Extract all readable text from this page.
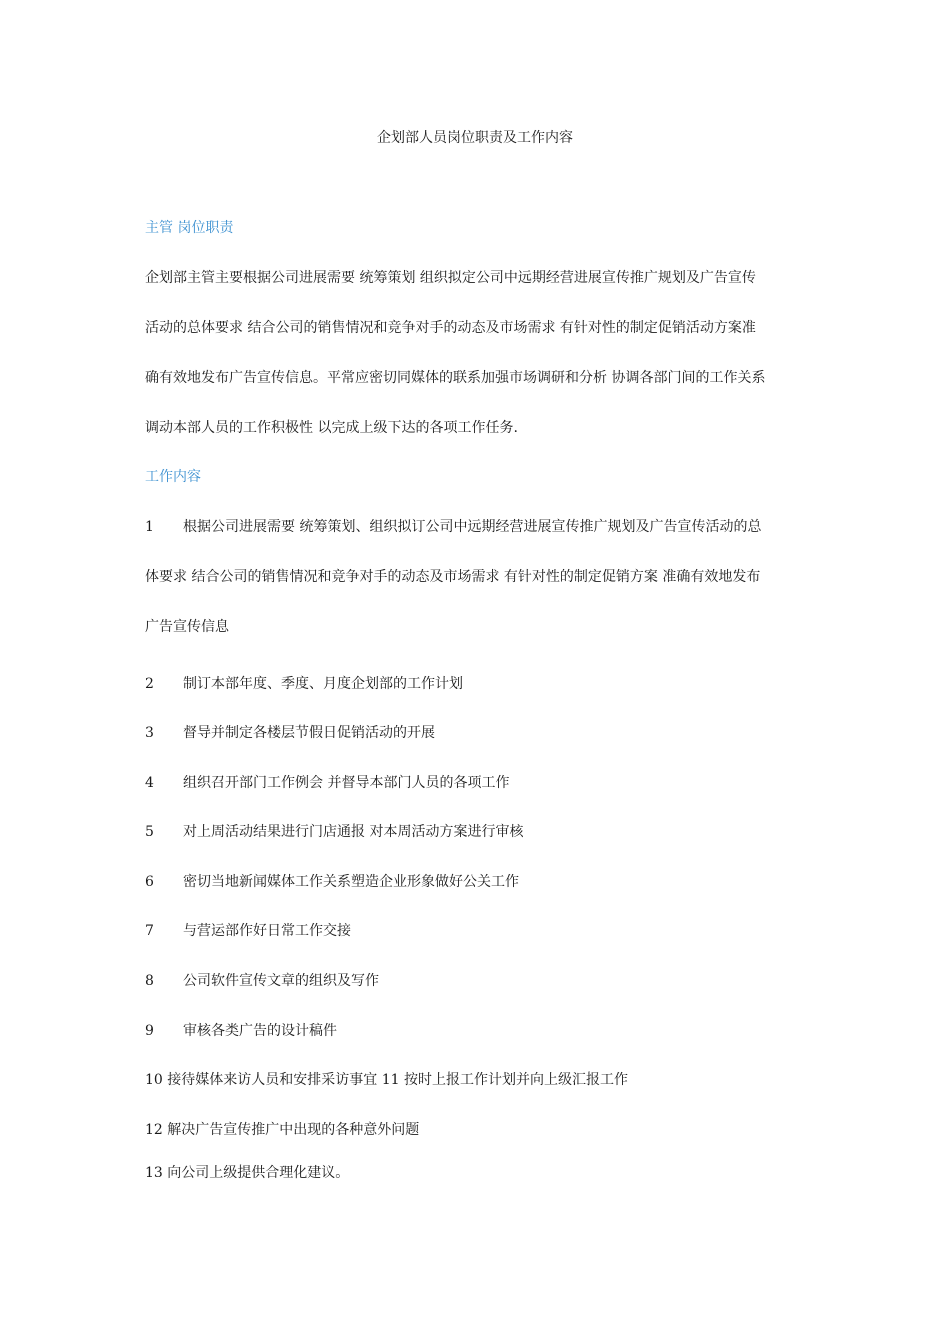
企划部人员岗位职责及工作内容
主管 岗位职责
企划部主管主要根据公司进展需要 统筹策划 组织拟定公司中远期经营进展宣传推广规划及广告宣传
活动的总体要求 结合公司的销售情况和竞争对手的动态及市场需求 有针对性的制定促销活动方案准
确有效地发布广告宣传信息。平常应密切同媒体的联系加强市场调研和分析 协调各部门间的工作关系
调动本部人员的工作积极性 以完成上级下达的各项工作任务.
工作内容
1 根据公司进展需要 统筹策划、组织拟订公司中远期经营进展宣传推广规划及广告宣传活动的总
体要求 结合公司的销售情况和竞争对手的动态及市场需求 有针对性的制定促销方案 准确有效地发布
广告宣传信息
2 制订本部年度、季度、月度企划部的工作计划
3 督导并制定各楼层节假日促销活动的开展
4 组织召开部门工作例会 并督导本部门人员的各项工作
5 对上周活动结果进行门店通报 对本周活动方案进行审核
6 密切当地新闻媒体工作关系塑造企业形象做好公关工作
7 与营运部作好日常工作交接
8 公司软件宣传文章的组织及写作
9 审核各类广告的设计稿件
10 接待媒体来访人员和安排采访事宜 11 按时上报工作计划并向上级汇报工作
12 解决广告宣传推广中出现的各种意外问题
13 向公司上级提供合理化建议。
